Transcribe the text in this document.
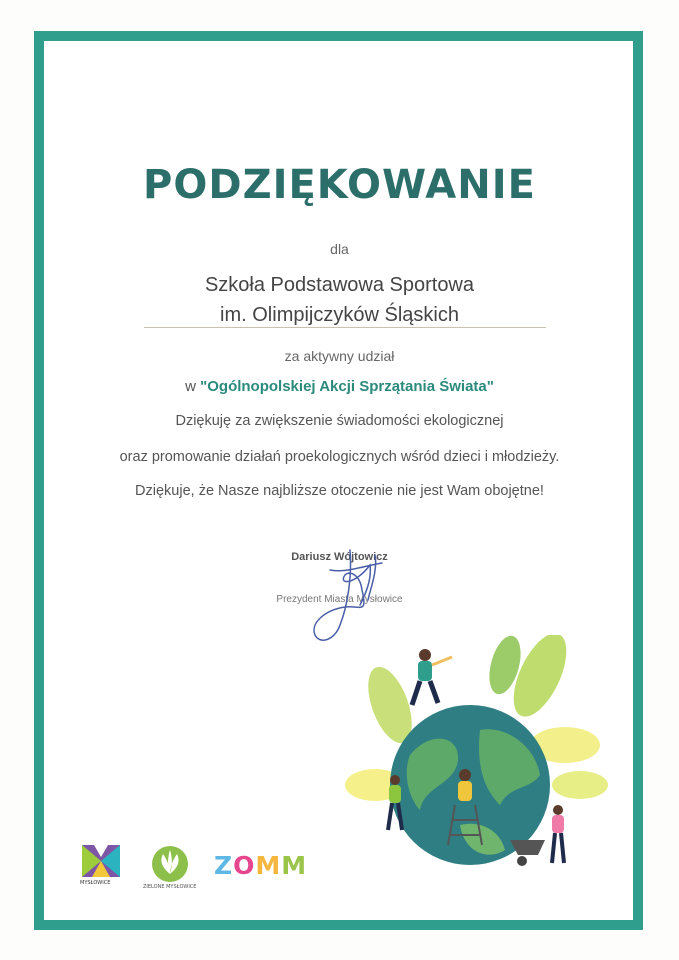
PODZIĘKOWANIE
dla
Szkoła Podstawowa Sportowa
im. Olimpijczyków Śląskich
za aktywny udział
w "Ogólnopolskiej Akcji Sprzątania Świata"
Dziękuję za zwiększenie świadomości ekologicznej
oraz promowanie działań proekologicznych wśród dzieci i młodzieży.
Dziękuje, że Nasze najbliższe otoczenie nie jest Wam obojętne!
Dariusz Wójtowicz
Prezydent Miasta Mysłowice
MYSŁOWICE
ZIELONE MYSŁOWICE
ZOMM
